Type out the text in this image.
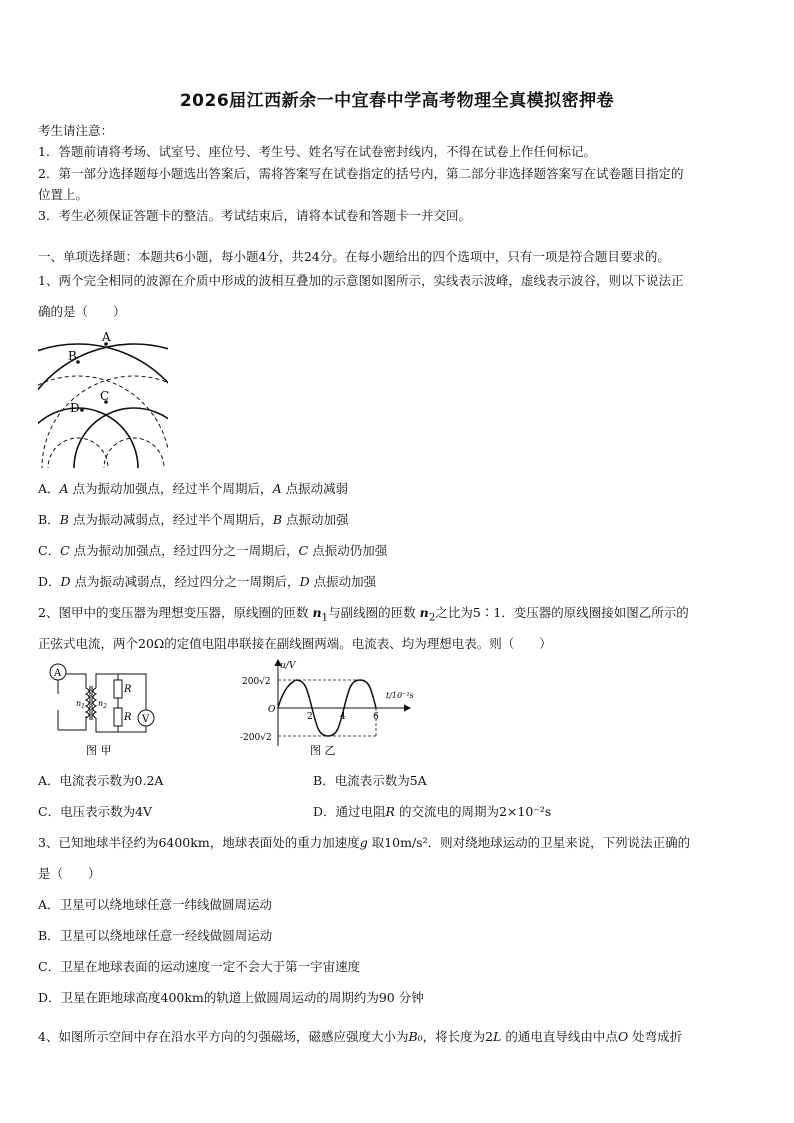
2026届江西新余一中宜春中学高考物理全真模拟密押卷
考生请注意：
1．答题前请将考场、试室号、座位号、考生号、姓名写在试卷密封线内，不得在试卷上作任何标记。
2．第一部分选择题每小题选出答案后，需将答案写在试卷指定的括号内，第二部分非选择题答案写在试卷题目指定的
位置上。
3．考生必须保证答题卡的整洁。考试结束后，请将本试卷和答题卡一并交回。
一、单项选择题：本题共6小题，每小题4分，共24分。在每小题给出的四个选项中，只有一项是符合题目要求的。
1、两个完全相同的波源在介质中形成的波相互叠加的示意图如图所示，实线表示波峰，虚线表示波谷，则以下说法正
确的是（　　）
A
B
C
D
A．A 点为振动加强点，经过半个周期后，A 点振动减弱
B．B 点为振动减弱点，经过半个周期后，B 点振动加强
C．C 点为振动加强点，经过四分之一周期后，C 点振动仍加强
D．D 点为振动减弱点，经过四分之一周期后，D 点振动加强
2、图甲中的变压器为理想变压器，原线圈的匝数 $n_1$与副线圈的匝数 $n_2$之比为5∶1．变压器的原线圈接如图乙所示的
正弦式电流，两个20Ω的定值电阻串联接在副线圈两端。电流表、均为理想电表。则（　　）
A
V
R
R
$n_1$ $n_2$
图 甲
u/V
t/10⁻²s
200√2
-200√2
O
2	4	6
图 乙
A．电流表示数为0.2A	B．电流表示数为5A
C．电压表示数为4V	D．通过电阻R 的交流电的周期为2×10⁻²s
3、已知地球半径约为6400km，地球表面处的重力加速度g 取10m/s²．则对绕地球运动的卫星来说，下列说法正确的
是（　　）
A．卫星可以绕地球任意一纬线做圆周运动
B．卫星可以绕地球任意一经线做圆周运动
C．卫星在地球表面的运动速度一定不会大于第一宇宙速度
D．卫星在距地球高度400km的轨道上做圆周运动的周期约为90 分钟
4、如图所示空间中存在沿水平方向的匀强磁场，磁感应强度大小为B₀，将长度为2L 的通电直导线由中点O 处弯成折
